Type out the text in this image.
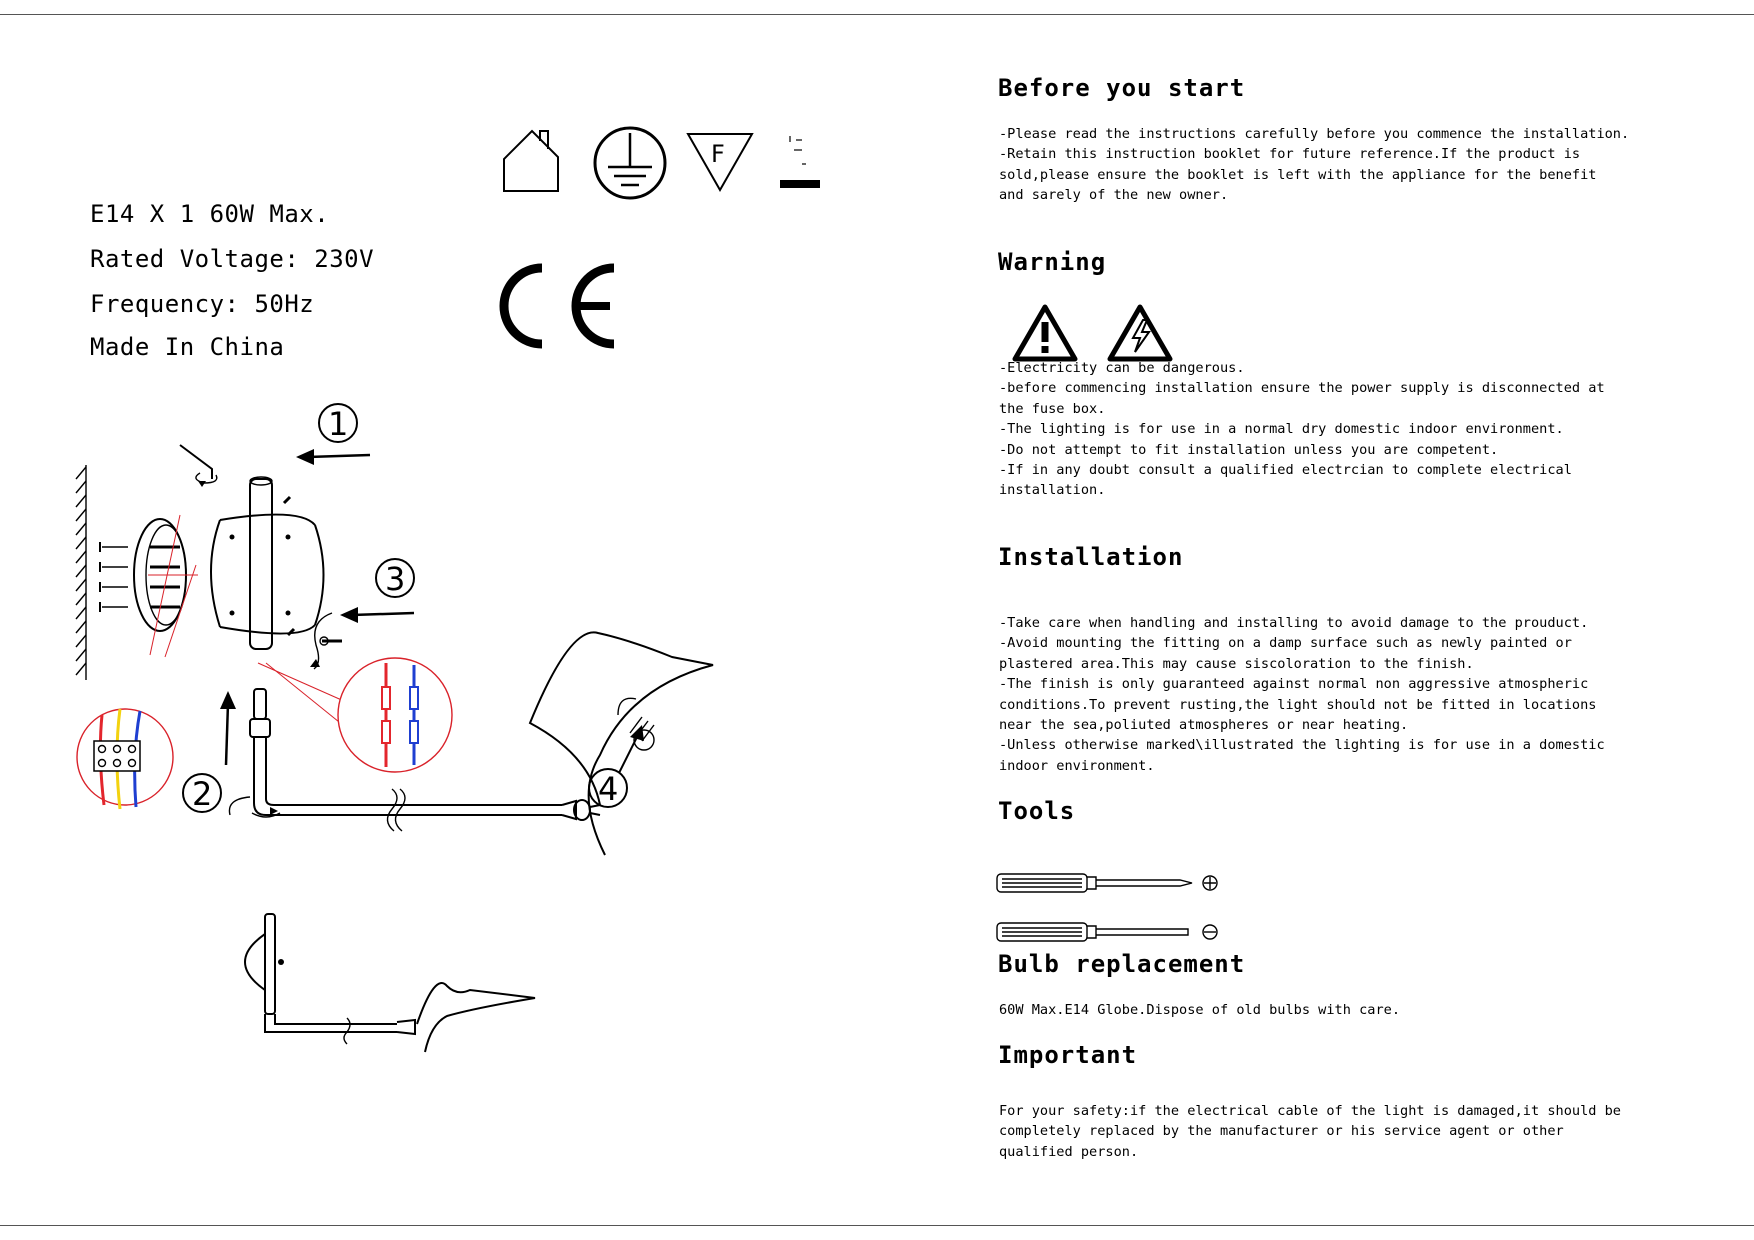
E14 X 1 60W Max.
Rated Voltage: 230V
Frequency: 50Hz
Made In China
F
1
3
2	4
Before you start
-Please read the instructions carefully before you commence the installation.
-Retain this instruction booklet for future reference.If the product is
sold,please ensure the booklet is left with the appliance for the benefit
and sarely of the new owner.
Warning
-Electricity can be dangerous.
-before commencing installation ensure the power supply is disconnected at
the fuse box.
-The lighting is for use in a normal dry domestic indoor environment.
-Do not attempt to fit installation unless you are competent.
-If in any doubt consult a qualified electrcian to complete electrical
installation.
Installation
-Take care when handling and installing to avoid damage to the prouduct.
-Avoid mounting the fitting on a damp surface such as newly painted or
plastered area.This may cause siscoloration to the finish.
-The finish is only guaranteed against normal non aggressive atmospheric
conditions.To prevent rusting,the light should not be fitted in locations
near the sea,poliuted atmospheres or near heating.
-Unless otherwise marked\illustrated the lighting is for use in a domestic
indoor environment.
Tools
Bulb replacement
60W Max.E14 Globe.Dispose of old bulbs with care.
Important
For your safety:if the electrical cable of the light is damaged,it should be
completely replaced by the manufacturer or his service agent or other
qualified person.
